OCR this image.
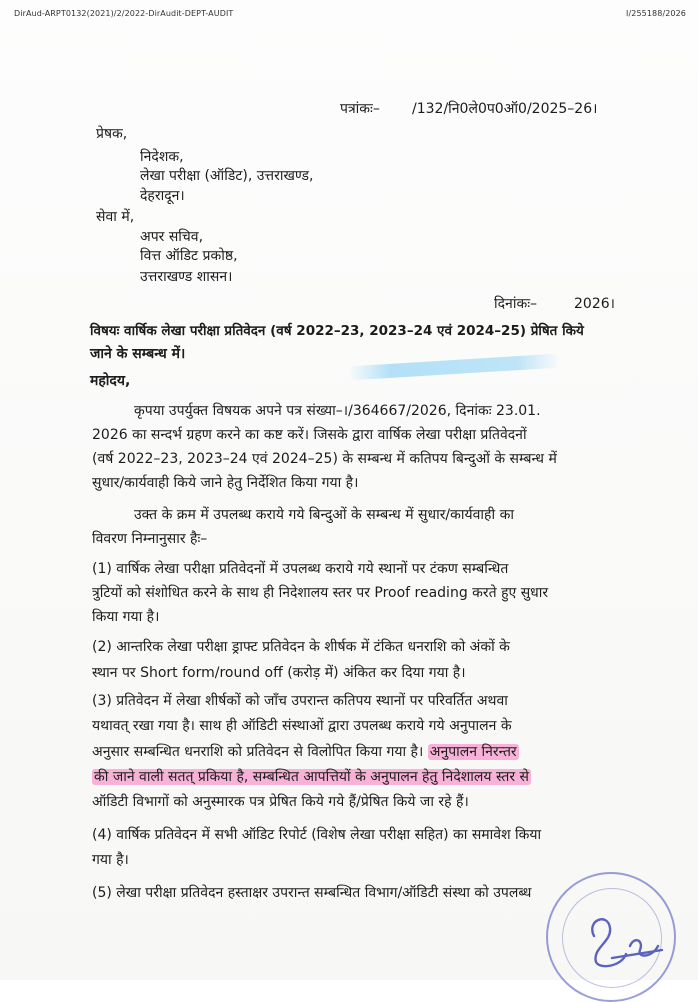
DirAud-ARPT0132(2021)/2/2022-DirAudit-DEPT-AUDIT	I/255188/2026
पत्रांकः– /132/नि0ले0प0ऑ0/2025–26।
प्रेषक,
निदेशक,
लेखा परीक्षा (ऑडिट), उत्तराखण्ड,
देहरादून।
सेवा में,
अपर सचिव,
वित्त ऑडिट प्रकोष्ठ,
उत्तराखण्ड शासन।
दिनांकः–	2026।
विषयः वार्षिक लेखा परीक्षा प्रतिवेदन (वर्ष 2022–23, 2023–24 एवं 2024–25) प्रेषित किये
जाने के सम्बन्ध में।
महोदय,
कृपया उपर्युक्त विषयक अपने पत्र संख्या–।/364667/2026, दिनांकः 23.01.
2026 का सन्दर्भ ग्रहण करने का कष्ट करें। जिसके द्वारा वार्षिक लेखा परीक्षा प्रतिवेदनों
(वर्ष 2022–23, 2023–24 एवं 2024–25) के सम्बन्ध में कतिपय बिन्दुओं के सम्बन्ध में
सुधार/कार्यवाही किये जाने हेतु निर्देशित किया गया है।
उक्त के क्रम में उपलब्ध कराये गये बिन्दुओं के सम्बन्ध में सुधार/कार्यवाही का
विवरण निम्नानुसार हैः–
(1) वार्षिक लेखा परीक्षा प्रतिवेदनों में उपलब्ध कराये गये स्थानों पर टंकण सम्बन्धित
त्रुटियों को संशोधित करने के साथ ही निदेशालय स्तर पर Proof reading करते हुए सुधार
किया गया है।
(2) आन्तरिक लेखा परीक्षा ड्राफ्ट प्रतिवेदन के शीर्षक में टंकित धनराशि को अंकों के
स्थान पर Short form/round off (करोड़ में) अंकित कर दिया गया है।
(3) प्रतिवेदन में लेखा शीर्षकों को जाँच उपरान्त कतिपय स्थानों पर परिवर्तित अथवा
यथावत् रखा गया है। साथ ही ऑडिटी संस्थाओं द्वारा उपलब्ध कराये गये अनुपालन के
अनुसार सम्बन्धित धनराशि को प्रतिवेदन से विलोपित किया गया है। अनुपालन निरन्तर
की जाने वाली सतत् प्रकिया है, सम्बन्धित आपत्तियों के अनुपालन हेतु निदेशालय स्तर से
ऑडिटी विभागों को अनुस्मारक पत्र प्रेषित किये गये हैं/प्रेषित किये जा रहे हैं।
(4) वार्षिक प्रतिवेदन में सभी ऑडिट रिपोर्ट (विशेष लेखा परीक्षा सहित) का समावेश किया
गया है।
(5) लेखा परीक्षा प्रतिवेदन हस्ताक्षर उपरान्त सम्बन्धित विभाग/ऑडिटी संस्था को उपलब्ध
